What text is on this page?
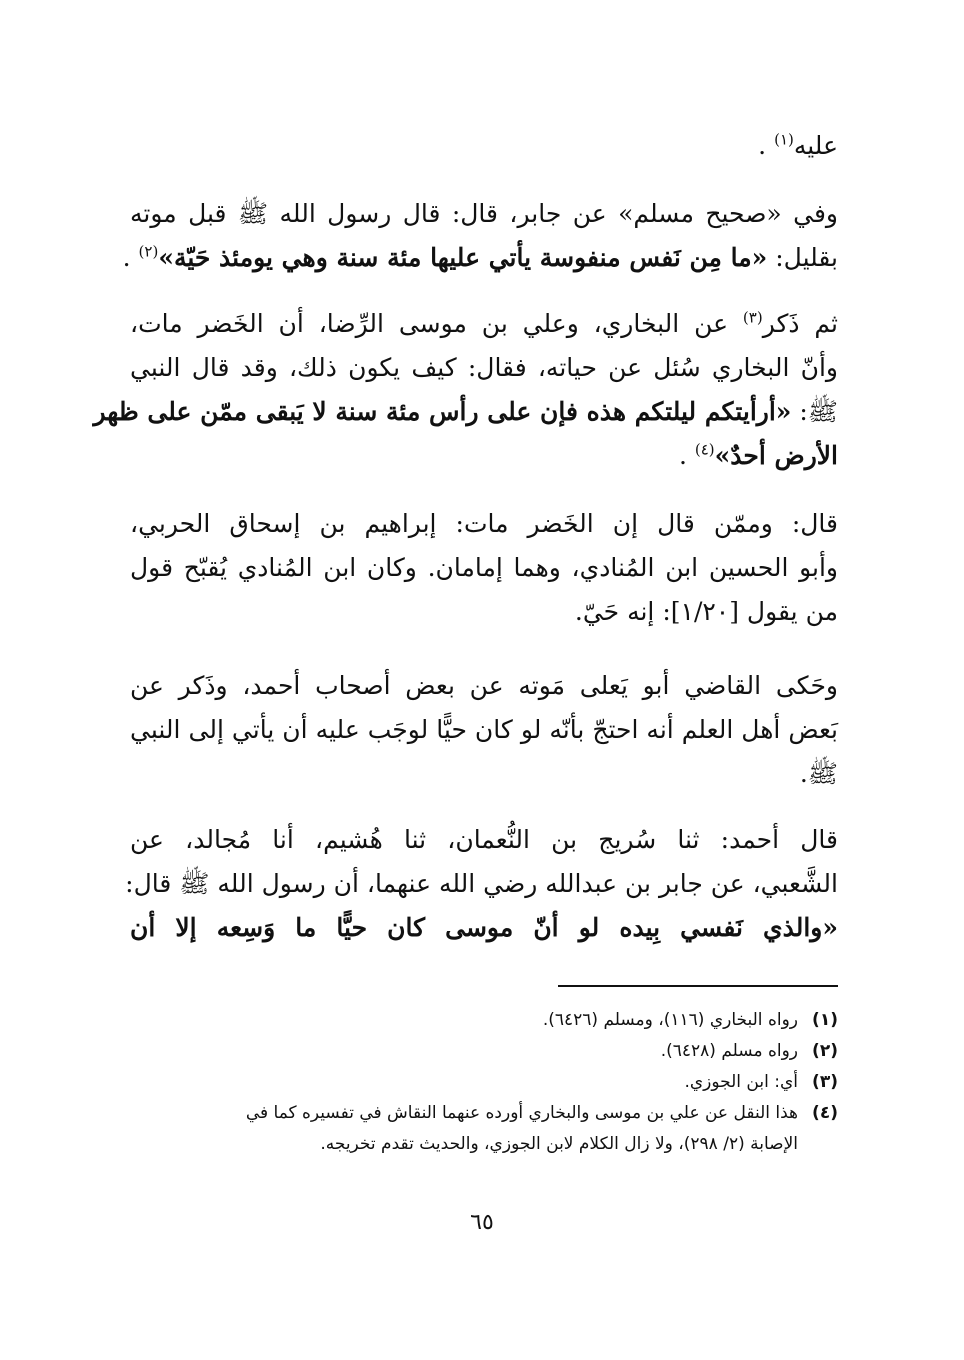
عليه$^{(١)}$ .
وفي «صحيح مسلم» عن جابر، قال: قال رسول الله ﷺ قبل موته
بقليل: «ما مِن نَفس منفوسة يأتي عليها مئة سنة وهي يومئذ حَيّة»$^{(٢)}$ .
ثم ذَكر$^{(٣)}$ عن البخاري، وعلي بن موسى الرِّضا، أن الخَضر مات،
وأنّ البخاري سُئل عن حياته، فقال: كيف يكون ذلك، وقد قال النبي
ﷺ: «أرأيتكم ليلتكم هذه فإن على رأس مئة سنة لا يَبقى ممّن على ظهر
الأرض أحدٌ»$^{(٤)}$ .
قال: وممّن قال إن الخَضر مات: إبراهيم بن إسحاق الحربي،
وأبو الحسين ابن المُنادي، وهما إمامان. وكان ابن المُنادي يُقبّح قول
من يقول [١/٢٠]: إنه حَيّ.
وحَكى القاضي أبو يَعلى مَوته عن بعض أصحاب أحمد، وذَكر عن
بَعض أهل العلم أنه احتجّ بأنّه لو كان حيًّا لوجَب عليه أن يأتي إلى النبي
ﷺ.
قال أحمد: ثنا سُريج بن النُّعمان، ثنا هُشيم، أنا مُجالد، عن
الشَّعبي، عن جابر بن عبدالله رضي الله عنهما، أن رسول الله ﷺ قال:
«والذي نَفسي بِيده لو أنّ موسى كان حيًّا ما وَسِعه إلا أن
(١)
رواه البخاري (١١٦)، ومسلم (٦٤٢٦).
(٢)
رواه مسلم (٦٤٢٨).
(٣)
أي: ابن الجوزي.
(٤)
هذا النقل عن علي بن موسى والبخاري أورده عنهما النقاش في تفسيره كما في
الإصابة (٢/ ٢٩٨)، ولا زال الكلام لابن الجوزي، والحديث تقدم تخريجه.
٦٥
